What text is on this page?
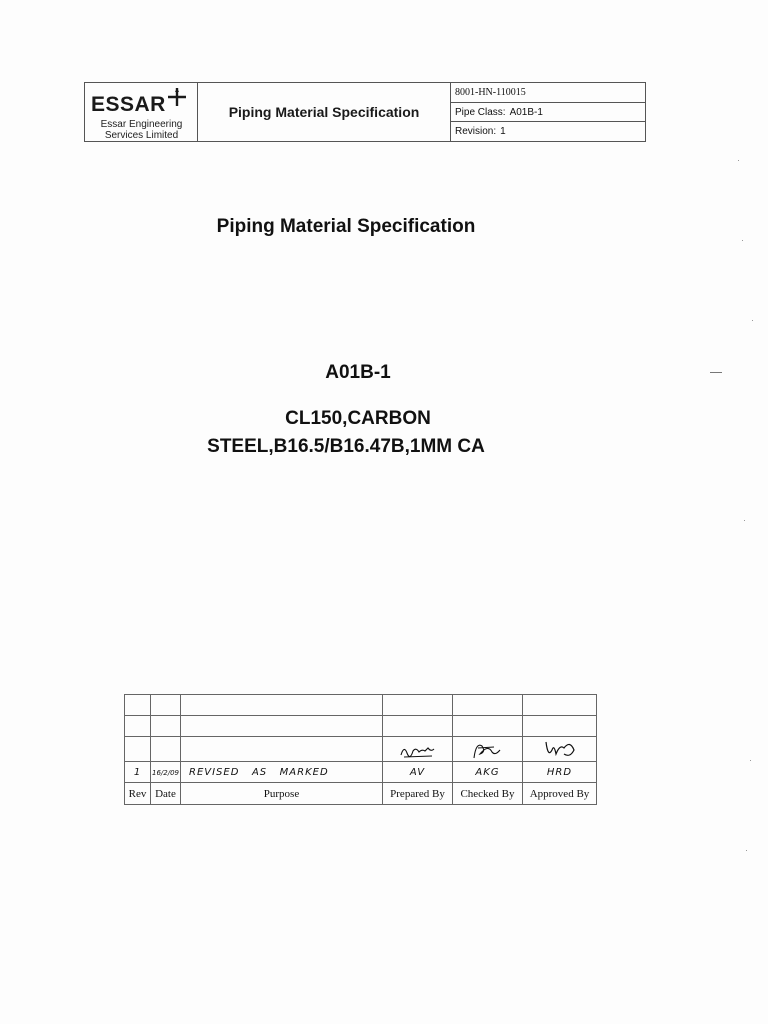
ESSAR
Essar Engineering
Services Limited
Piping Material Specification
8001-HN-110015
Pipe Class: A01B-1
Revision: 1
Piping Material Specification
A01B-1
CL150,CARBON
STEEL,B16.5/B16.47B,1MM CA

1	16/2/09	REVISED   AS   MARKED	AV	AKG	HRD
Rev	Date	Purpose	Prepared By	Checked By	Approved By
